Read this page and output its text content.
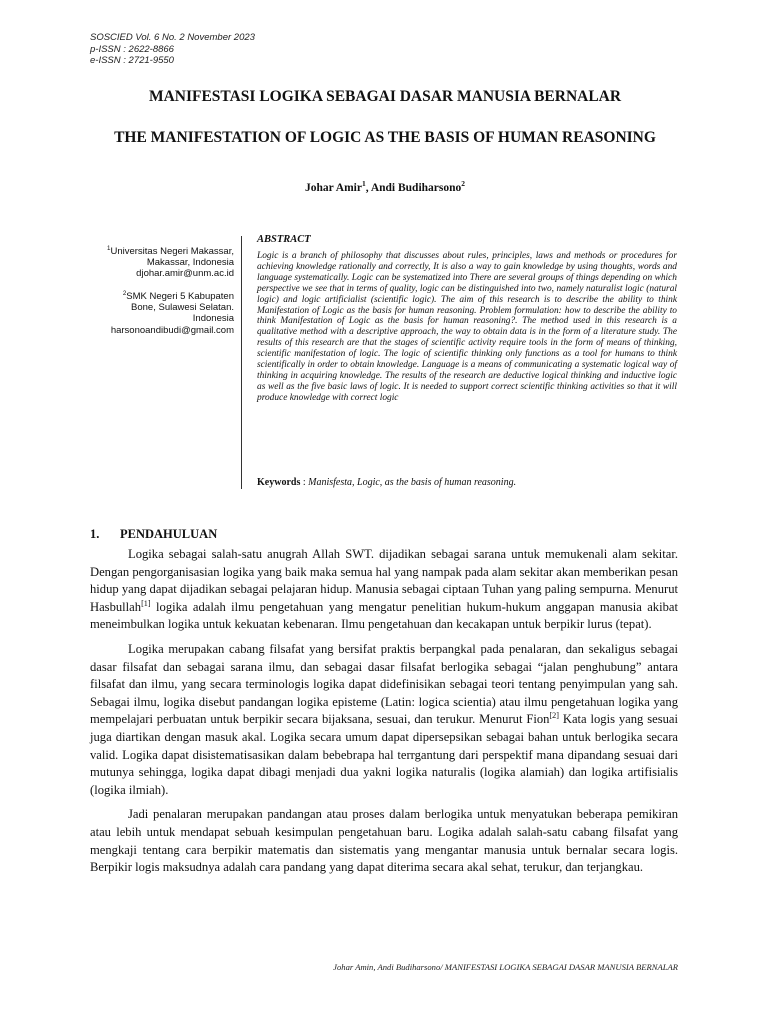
SOSCIED Vol. 6 No. 2 November 2023
p-ISSN : 2622-8866
e-ISSN : 2721-9550
MANIFESTASI LOGIKA SEBAGAI DASAR MANUSIA BERNALAR
THE MANIFESTATION OF LOGIC AS THE BASIS OF HUMAN REASONING
Johar Amir$^1$, Andi Budiharsono$^2$
$^1$Universitas Negeri Makassar,
Makassar, Indonesia
djohar.amir@unm.ac.id
$^2$SMK Negeri 5 Kabupaten
Bone, Sulawesi Selatan.
Indonesia
harsonoandibudi@gmail.com
ABSTRACT

Logic is a branch of philosophy that discusses about rules, principles, laws and methods or procedures for achieving knowledge rationally and correctly, It is also a way to gain knowledge by using thoughts, words and language systematically. Logic can be systematized into There are several groups of things depending on which perspective we see that in terms of quality, logic can be distinguished into two, namely naturalist logic (natural logic) and logic artificialist (scientific logic). The aim of this research is to describe the ability to think Manifestation of Logic as the basis for human reasoning. Problem formulation: how to describe the ability to think Manifestation of Logic as the basis for human reasoning?. The method used in this research is a qualitative method with a descriptive approach, the way to obtain data is in the form of a literature study. The results of this research are that the stages of scientific activity require tools in the form of means of thinking, scientific manifestation of logic. The logic of scientific thinking only functions as a tool for humans to think scientifically in order to obtain knowledge. Language is a means of communicating a systematic logical way of thinking in acquiring knowledge. The results of the research are deductive logical thinking and inductive logic as well as the five basic laws of logic. It is needed to support correct scientific thinking activities so that it will produce knowledge with correct logic

Keywords : Manisfesta, Logic, as the basis of human reasoning.
1. PENDAHULUAN

Logika sebagai salah-satu anugrah Allah SWT. dijadikan sebagai sarana untuk memukenali alam sekitar. Dengan pengorganisasian logika yang baik maka semua hal yang nampak pada alam sekitar akan memberikan pesan hidup yang dapat dijadikan sebagai pelajaran hidup. Manusia sebagai ciptaan Tuhan yang paling sempurna. Menurut Hasbullah[1] logika adalah ilmu pengetahuan yang mengatur penelitian hukum-hukum anggapan manusia akibat meneimbulkan logika untuk kekuatan kebenaran. Ilmu pengetahuan dan kecakapan untuk berpikir lurus (tepat).

Logika merupakan cabang filsafat yang bersifat praktis berpangkal pada penalaran, dan sekaligus sebagai dasar filsafat dan sebagai sarana ilmu, dan sebagai dasar filsafat berlogika sebagai “jalan penghubung” antara filsafat dan ilmu, yang secara terminologis logika dapat didefinisikan sebagai teori tentang penyimpulan yang sah. Sebagai ilmu, logika disebut pandangan logika episteme (Latin: logica scientia) atau ilmu pengetahuan logika yang mempelajari perbuatan untuk berpikir secara bijaksana, sesuai, dan terukur. Menurut Fion[2] Kata logis yang sesuai juga diartikan dengan masuk akal. Logika secara umum dapat dipersepsikan sebagai bahan untuk berlogika secara valid. Logika dapat disistematisasikan dalam bebebrapa hal terrgantung dari perspektif mana dipandang sesuai dari mutunya sehingga, logika dapat dibagi menjadi dua yakni logika naturalis (logika alamiah) dan logika artifisialis (logika ilmiah).

Jadi penalaran merupakan pandangan atau proses dalam berlogika untuk menyatukan beberapa pemikiran atau lebih untuk mendapat sebuah kesimpulan pengetahuan baru. Logika adalah salah-satu cabang filsafat yang mengkaji tentang cara berpikir matematis dan sistematis yang mengantar manusia untuk bernalar secara logis. Berpikir logis maksudnya adalah cara pandang yang dapat diterima secara akal sehat, terukur, dan terjangkau.

Johar Amin, Andi Budiharsono/ MANIFESTASI LOGIKA SEBAGAI DASAR MANUSIA BERNALAR
